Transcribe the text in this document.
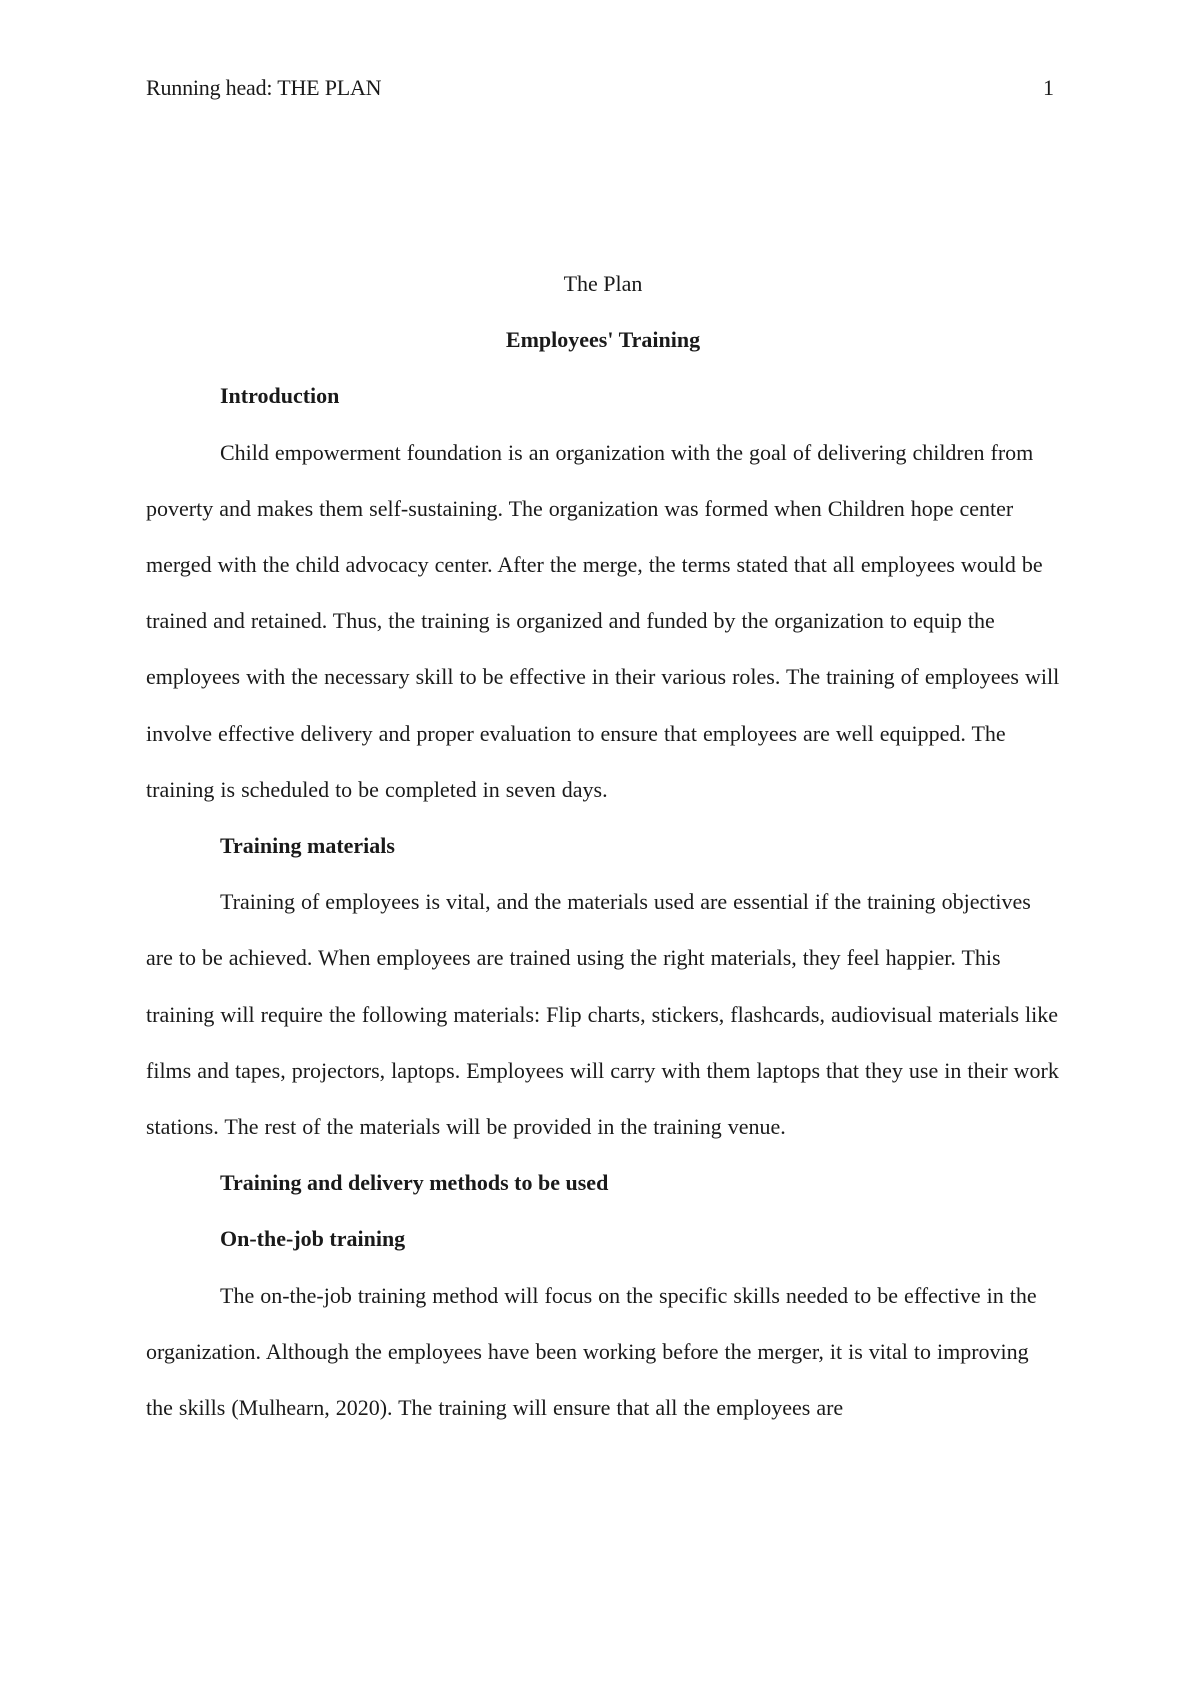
Running head: THE PLAN	1

The Plan

Employees' Training

Introduction

Child empowerment foundation is an organization with the goal of delivering children from poverty and makes them self-sustaining. The organization was formed when Children hope center merged with the child advocacy center. After the merge, the terms stated that all employees would be trained and retained. Thus, the training is organized and funded by the organization to equip the employees with the necessary skill to be effective in their various roles. The training of employees will involve effective delivery and proper evaluation to ensure that employees are well equipped. The training is scheduled to be completed in seven days.

Training materials

Training of employees is vital, and the materials used are essential if the training objectives are to be achieved. When employees are trained using the right materials, they feel happier. This training will require the following materials: Flip charts, stickers, flashcards, audiovisual materials like films and tapes, projectors, laptops. Employees will carry with them laptops that they use in their work stations. The rest of the materials will be provided in the training venue.

Training and delivery methods to be used

On-the-job training

The on-the-job training method will focus on the specific skills needed to be effective in the organization. Although the employees have been working before the merger, it is vital to improving the skills (Mulhearn, 2020). The training will ensure that all the employees are
